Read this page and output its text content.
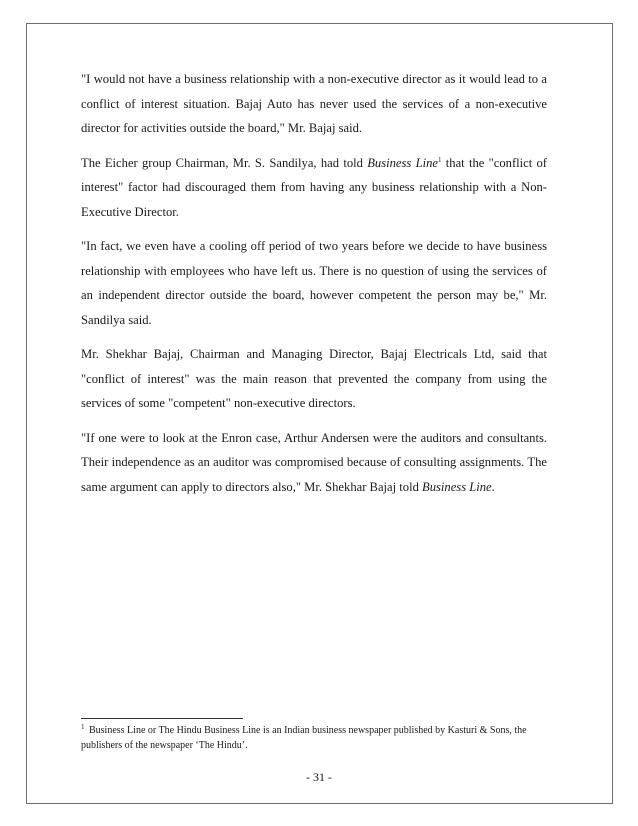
"I would not have a business relationship with a non-executive director as it would lead to a conflict of interest situation. Bajaj Auto has never used the services of a non-executive director for activities outside the board," Mr. Bajaj said.

The Eicher group Chairman, Mr. S. Sandilya, had told Business Line$^1$ that the "conflict of interest" factor had discouraged them from having any business relationship with a Non-Executive Director.

"In fact, we even have a cooling off period of two years before we decide to have business relationship with employees who have left us. There is no question of using the services of an independent director outside the board, however competent the person may be," Mr. Sandilya said.

Mr. Shekhar Bajaj, Chairman and Managing Director, Bajaj Electricals Ltd, said that "conflict of interest" was the main reason that prevented the company from using the services of some "competent" non-executive directors.

"If one were to look at the Enron case, Arthur Andersen were the auditors and consultants. Their independence as an auditor was compromised because of consulting assignments. The same argument can apply to directors also," Mr. Shekhar Bajaj told Business Line.

$^1$ Business Line or The Hindu Business Line is an Indian business newspaper published by Kasturi & Sons, the publishers of the newspaper ‘The Hindu’.
- 31 -
